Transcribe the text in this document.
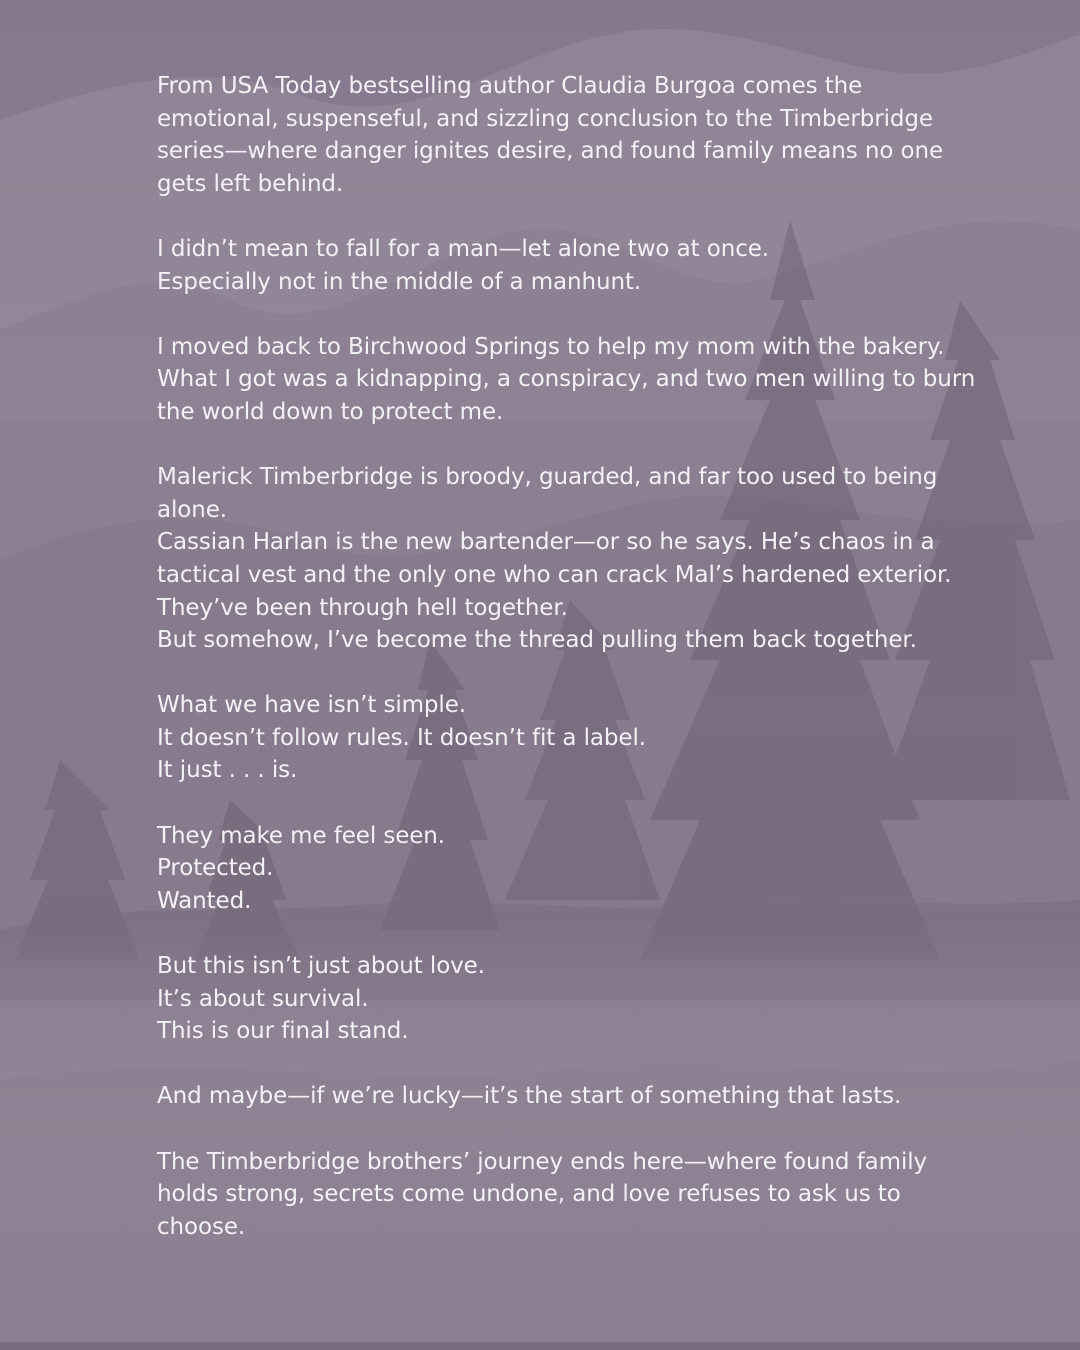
From USA Today bestselling author Claudia Burgoa comes the emotional, suspenseful, and sizzling conclusion to the Timberbridge series—where danger ignites desire, and found family means no one gets left behind.

I didn’t mean to fall for a man—let alone two at once.
Especially not in the middle of a manhunt.

I moved back to Birchwood Springs to help my mom with the bakery.
What I got was a kidnapping, a conspiracy, and two men willing to burn the world down to protect me.

Malerick Timberbridge is broody, guarded, and far too used to being alone.
Cassian Harlan is the new bartender—or so he says. He’s chaos in a tactical vest and the only one who can crack Mal’s hardened exterior.
They’ve been through hell together.
But somehow, I’ve become the thread pulling them back together.

What we have isn’t simple.
It doesn’t follow rules. It doesn’t fit a label.
It just . . . is.

They make me feel seen.
Protected.
Wanted.

But this isn’t just about love.
It’s about survival.
This is our final stand.

And maybe—if we’re lucky—it’s the start of something that lasts.

The Timberbridge brothers’ journey ends here—where found family holds strong, secrets come undone, and love refuses to ask us to choose.
